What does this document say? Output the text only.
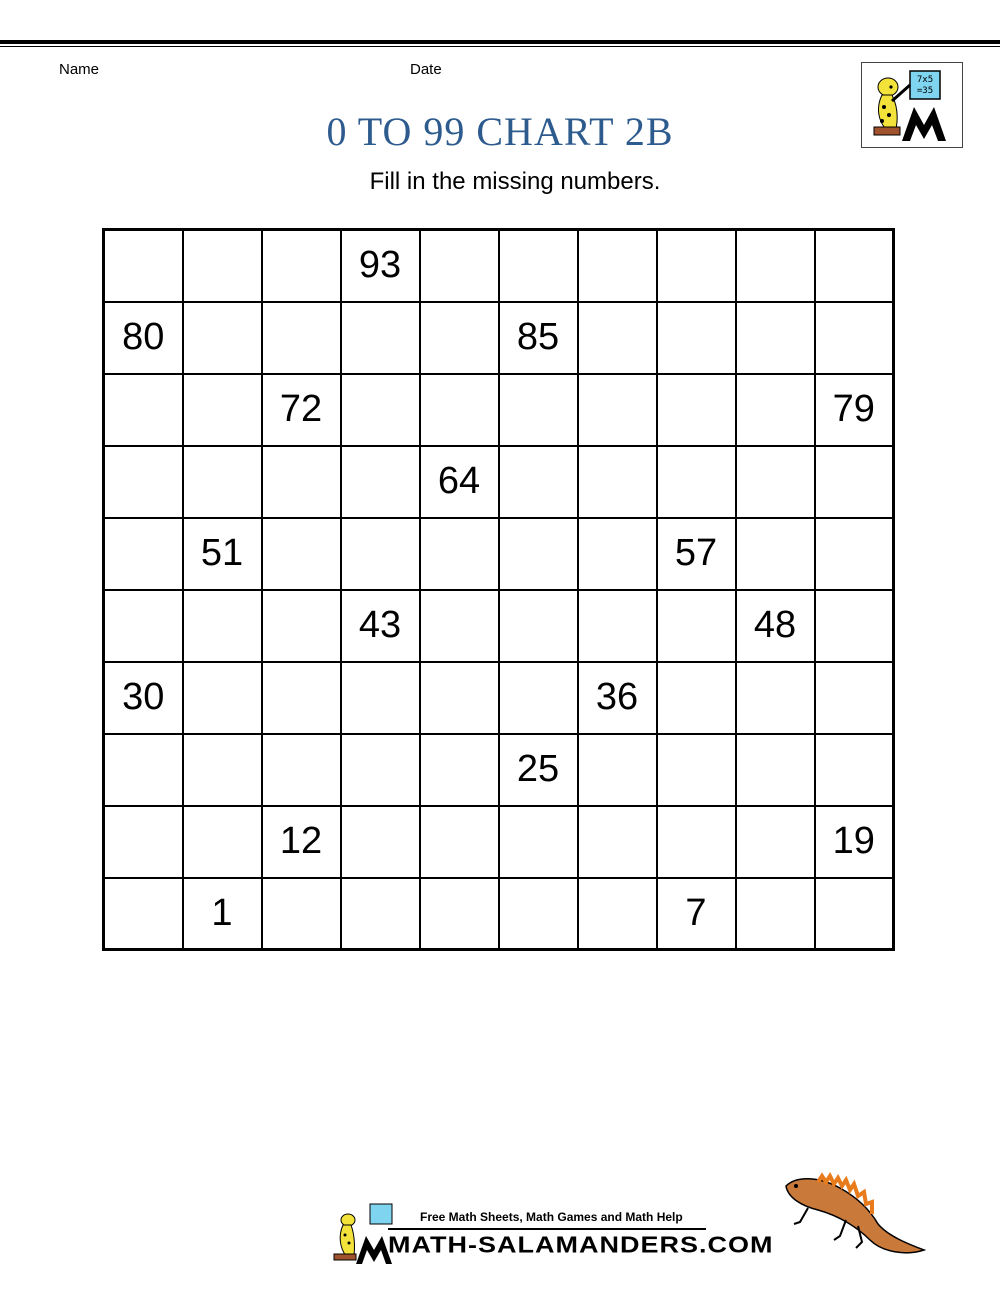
Name	Date
7x5
=35
0 TO 99 CHART 2B
Fill in the missing numbers.
			93						
80					85				
		72							79
				64					
	51						57		
			43					48	
30						36			
					25				
		12							19
	1						7		
Free Math Sheets, Math Games and Math Help
MATH-SALAMANDERS.COM
